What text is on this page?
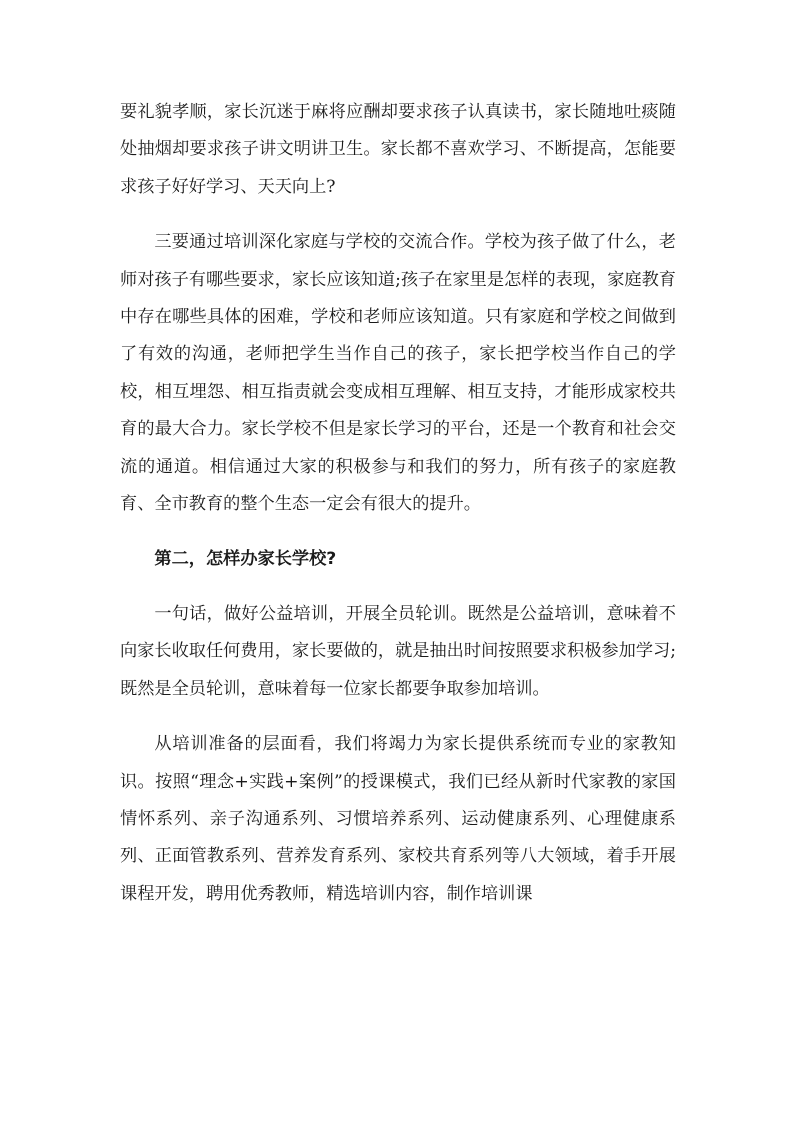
要礼貌孝顺，家长沉迷于麻将应酬却要求孩子认真读书，家长随地吐痰随处抽烟却要求孩子讲文明讲卫生。家长都不喜欢学习、不断提高，怎能要求孩子好好学习、天天向上?

三要通过培训深化家庭与学校的交流合作。学校为孩子做了什么，老师对孩子有哪些要求，家长应该知道;孩子在家里是怎样的表现，家庭教育中存在哪些具体的困难，学校和老师应该知道。只有家庭和学校之间做到了有效的沟通，老师把学生当作自己的孩子，家长把学校当作自己的学校，相互埋怨、相互指责就会变成相互理解、相互支持，才能形成家校共育的最大合力。家长学校不但是家长学习的平台，还是一个教育和社会交流的通道。相信通过大家的积极参与和我们的努力，所有孩子的家庭教育、全市教育的整个生态一定会有很大的提升。

第二，怎样办家长学校?

一句话，做好公益培训，开展全员轮训。既然是公益培训，意味着不向家长收取任何费用，家长要做的，就是抽出时间按照要求积极参加学习;既然是全员轮训，意味着每一位家长都要争取参加培训。

从培训准备的层面看，我们将竭力为家长提供系统而专业的家教知识。按照“理念+实践+案例”的授课模式，我们已经从新时代家教的家国情怀系列、亲子沟通系列、习惯培养系列、运动健康系列、心理健康系列、正面管教系列、营养发育系列、家校共育系列等八大领域，着手开展课程开发，聘用优秀教师，精选培训内容，制作培训课
